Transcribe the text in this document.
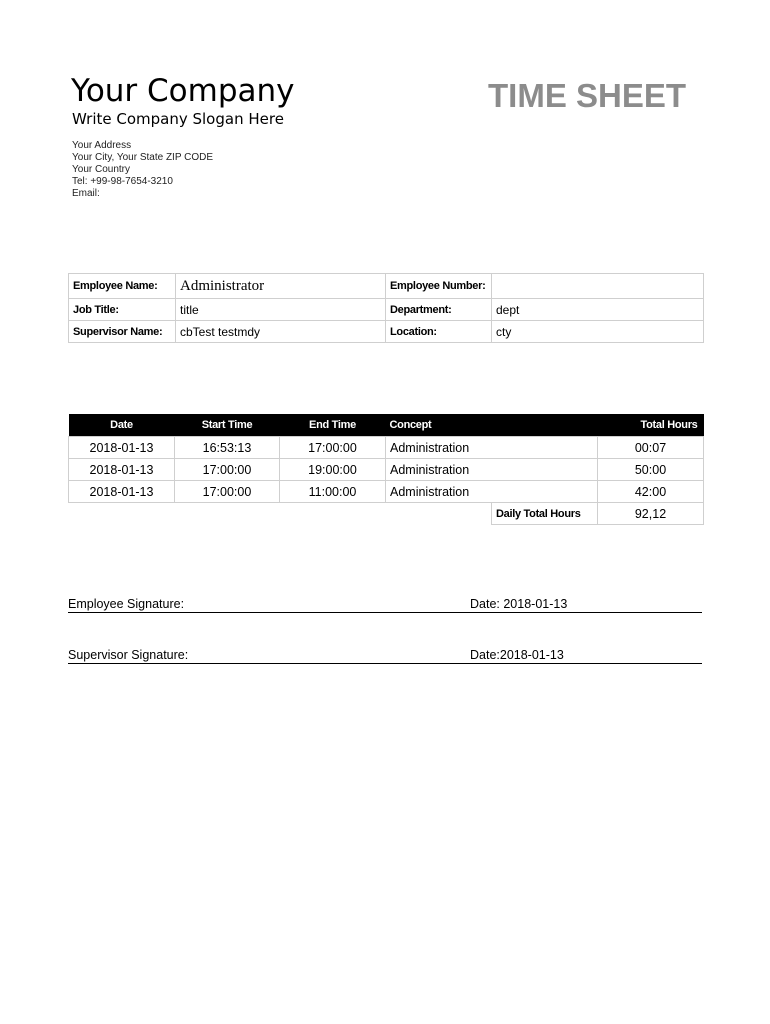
Your Company
Write Company Slogan Here
TIME SHEET
Your Address
Your City, Your State ZIP CODE
Your Country
Tel: +99-98-7654-3210
Email:
Employee Name:	Administrator	Employee Number:	
Job Title:	title	Department:	dept
Supervisor Name:	cbTest testmdy	Location:	cty
Date	Start Time	End Time	Concept		Total Hours
2018-01-13	16:53:13	17:00:00	Administration		00:07
2018-01-13	17:00:00	19:00:00	Administration		50:00
2018-01-13	17:00:00	11:00:00	Administration		42:00
				Daily Total Hours	92,12
Employee Signature:	Date: 2018-01-13
Supervisor Signature:	Date:2018-01-13
